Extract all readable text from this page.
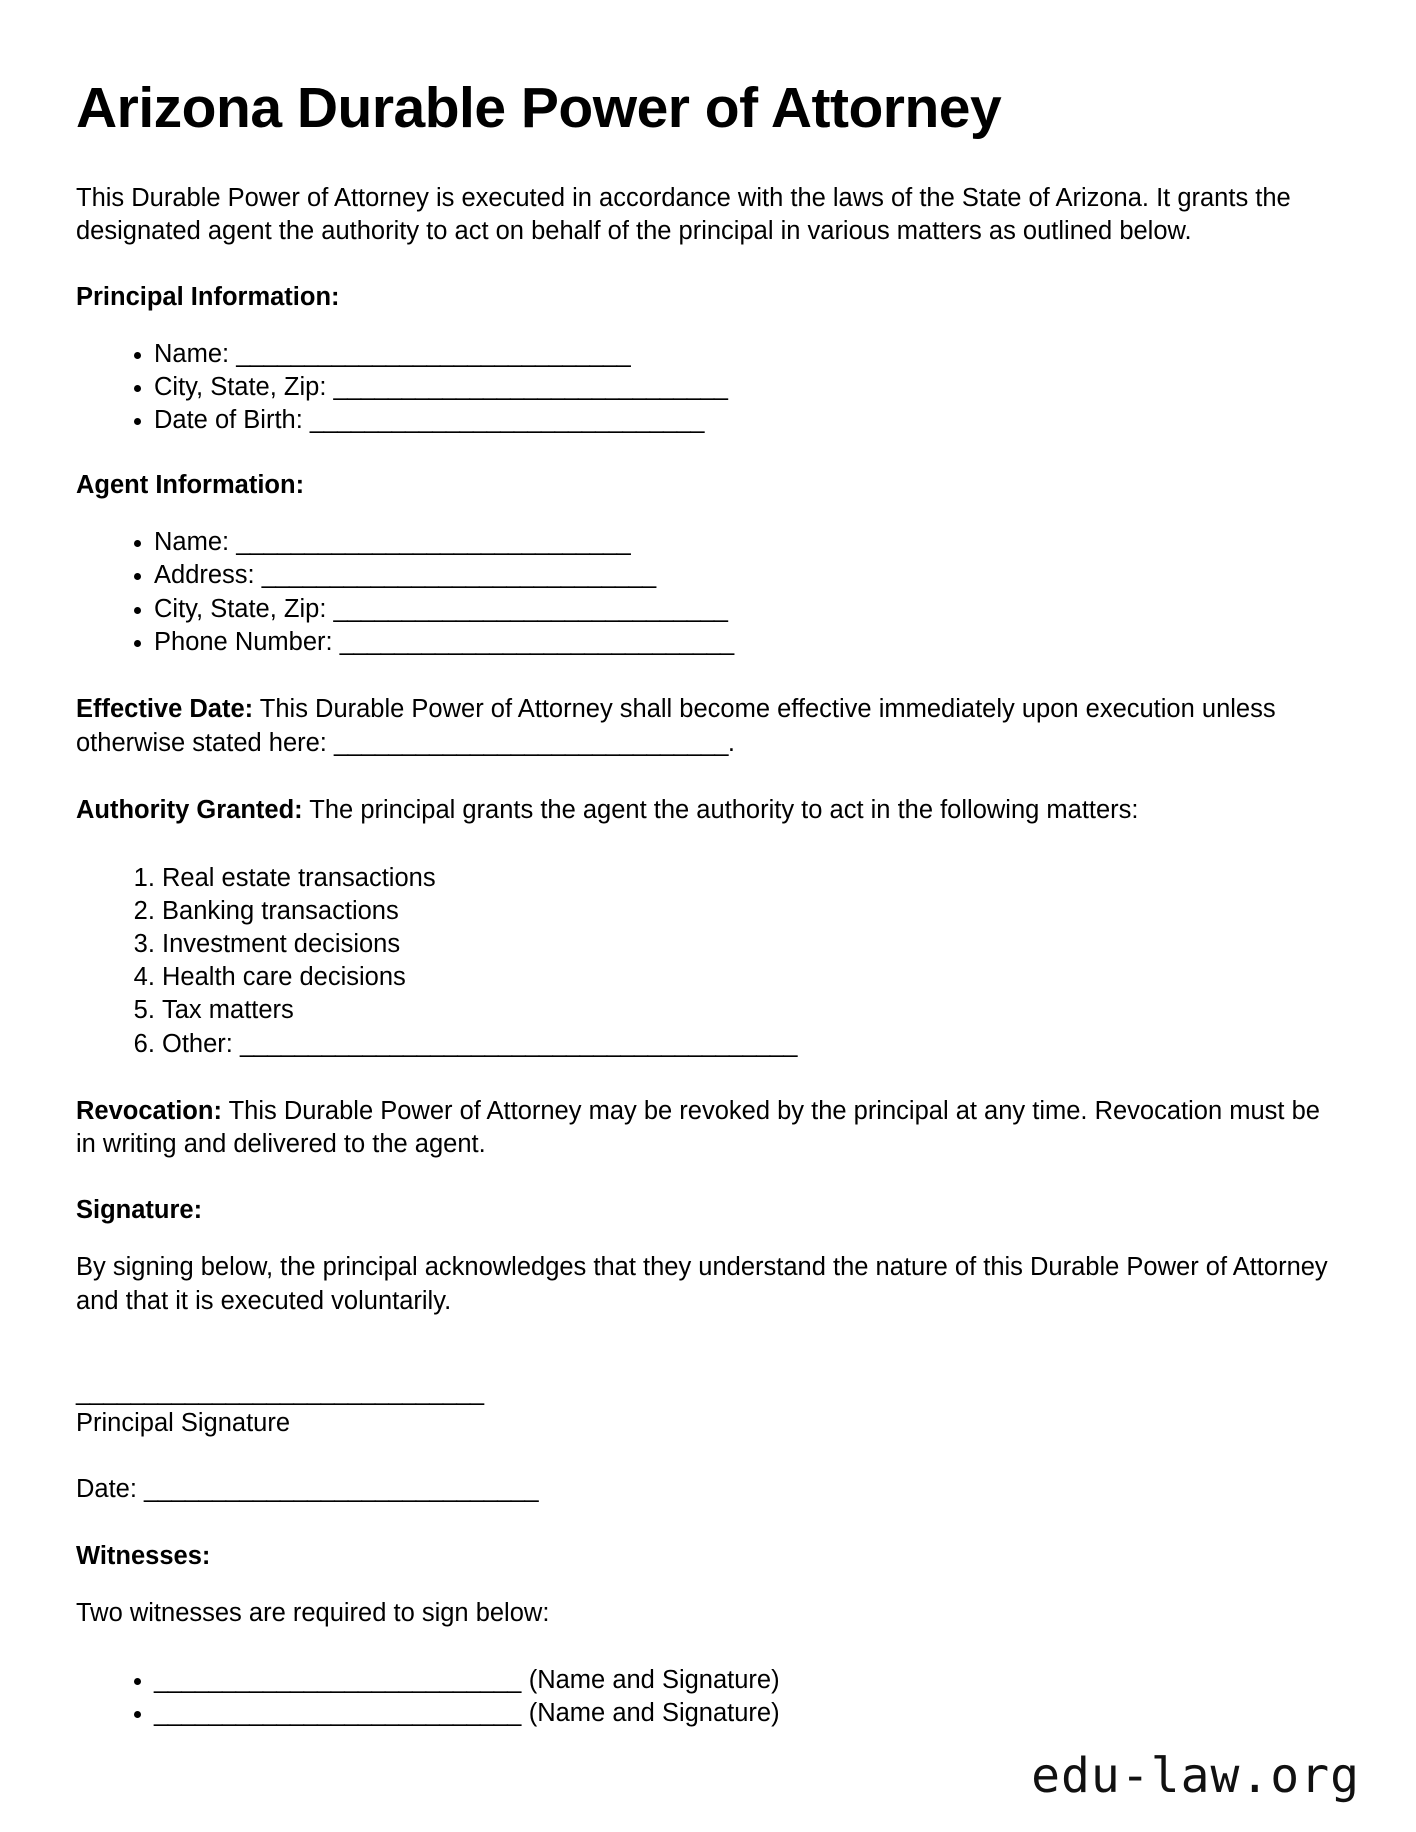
Arizona Durable Power of Attorney

This Durable Power of Attorney is executed in accordance with the laws of the State of Arizona. It grants the designated agent the authority to act on behalf of the principal in various matters as outlined below.

Principal Information:
• Name: _____________________________
• City, State, Zip: _____________________________
• Date of Birth: _____________________________
Agent Information:
• Name: _____________________________
• Address: _____________________________
• City, State, Zip: _____________________________
• Phone Number: _____________________________

Effective Date: This Durable Power of Attorney shall become effective immediately upon execution unless otherwise stated here: _____________________________.

Authority Granted: The principal grants the agent the authority to act in the following matters:

1. Real estate transactions
2. Banking transactions
3. Investment decisions
4. Health care decisions
5. Tax matters
6. Other: _________________________________________

Revocation: This Durable Power of Attorney may be revoked by the principal at any time. Revocation must be in writing and delivered to the agent.

Signature:

By signing below, the principal acknowledges that they understand the nature of this Durable Power of Attorney and that it is executed voluntarily.

______________________________
Principal Signature
Date: _____________________________
Witnesses:

Two witnesses are required to sign below:

• ___________________________ (Name and Signature)
• ___________________________ (Name and Signature)
edu-law.org
